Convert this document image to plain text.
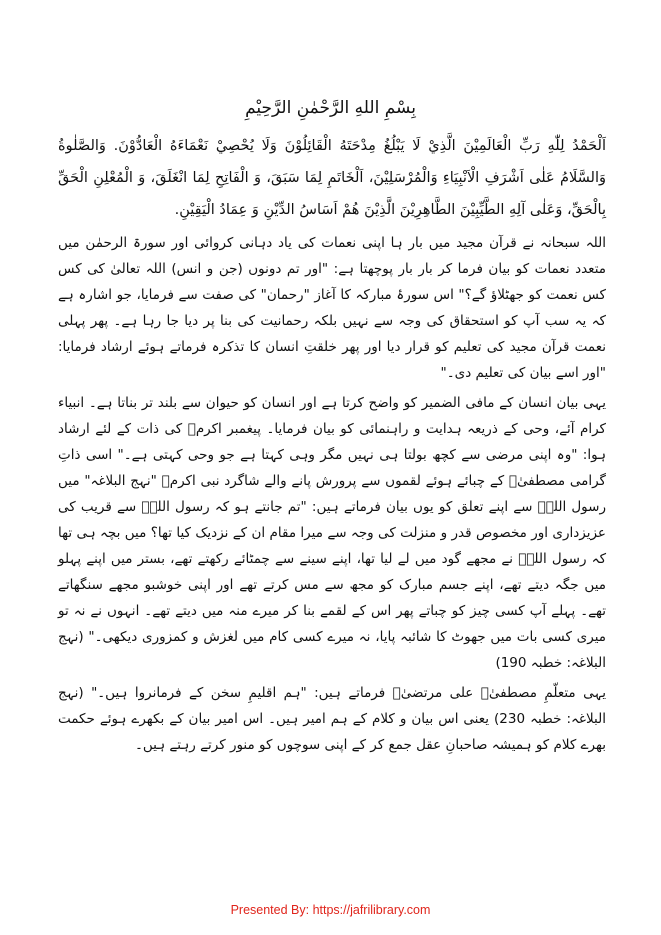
بِسْمِ اللهِ الرَّحْمٰنِ الرَّحِيْمِ
اَلْحَمْدُ لِلّٰهِ رَبِّ الْعَالَمِيْنَ الَّذِيْ لَا يَبْلُغُ مِدْحَتَهُ الْقَائِلُوْنَ وَلَا يُحْصِيْ نَعْمَاءَهُ الْعَادُّوْنَ. وَالصَّلٰوةُ وَالسَّلَامُ عَلٰى اَشْرَفِ الْاَنْبِيَاءِ وَالْمُرْسَلِيْنَ، اَلْخَاتَمِ لِمَا سَبَقَ، وَ الْفَاتِحِ لِمَا انْغَلَقَ، وَ الْمُعْلِنِ الْحَقِّ بِالْحَقِّ، وَعَلٰى آلِهِ الطَّيِّبِيْنَ الطَّاهِرِيْنَ الَّذِيْنَ هُمْ اَسَاسُ الدِّيْنِ وَ عِمَادُ الْيَقِيْنِ.

اللہ سبحانہ نے قرآن مجید میں بار ہا اپنی نعمات کی یاد دہانی کروائی اور سورۃ الرحمٰن میں متعدد نعمات کو بیان فرما کر بار بار پوچھتا ہے: "اور تم دونوں (جن و انس) اللہ تعالیٰ کی کس کس نعمت کو جھٹلاؤ گے؟" اس سورۂ مبارکہ کا آغاز "رحمان" کی صفت سے فرمایا، جو اشارہ ہے کہ یہ سب آپ کو استحقاق کی وجہ سے نہیں بلکہ رحمانیت کی بنا پر دیا جا رہا ہے۔ پھر پہلی نعمت قرآن مجید کی تعلیم کو قرار دیا اور پھر خلقتِ انسان کا تذکرہ فرماتے ہوئے ارشاد فرمایا: "اور اسے بیان کی تعلیم دی۔"

یہی بیان انسان کے مافی الضمیر کو واضح کرتا ہے اور انسان کو حیوان سے بلند تر بناتا ہے۔ انبیاء کرام آئے، وحی کے ذریعہ ہدایت و راہنمائی کو بیان فرمایا۔ پیغمبر اکرمؐ کی ذات کے لئے ارشاد ہوا: "وہ اپنی مرضی سے کچھ بولتا ہی نہیں مگر وہی کہتا ہے جو وحی کہتی ہے۔" اسی ذاتِ گرامی مصطفیٰؐ کے چبائے ہوئے لقموں سے پرورش پانے والے شاگرد نبی اکرمؐ "نہج البلاغہ" میں رسول اللہؐ سے اپنے تعلق کو یوں بیان فرماتے ہیں: "تم جانتے ہو کہ رسول اللہؐ سے قریب کی عزیزداری اور مخصوص قدر و منزلت کی وجہ سے میرا مقام ان کے نزدیک کیا تھا؟ میں بچہ ہی تھا کہ رسول اللہؐ نے مجھے گود میں لے لیا تھا، اپنے سینے سے چمٹائے رکھتے تھے، بستر میں اپنے پہلو میں جگہ دیتے تھے، اپنے جسم مبارک کو مجھ سے مس کرتے تھے اور اپنی خوشبو مجھے سنگھاتے تھے۔ پہلے آپ کسی چیز کو چباتے پھر اس کے لقمے بنا کر میرے منہ میں دیتے تھے۔ انہوں نے نہ تو میری کسی بات میں جھوٹ کا شائبہ پایا، نہ میرے کسی کام میں لغزش و کمزوری دیکھی۔" (نہج البلاغہ: خطبہ 190)

یہی متعلّمِ مصطفیٰؐ علی مرتضیٰؑ فرماتے ہیں: "ہم اقلیمِ سخن کے فرمانروا ہیں۔" (نہج البلاغہ: خطبہ 230) یعنی اس بیان و کلام کے ہم امیر ہیں۔ اس امیر بیان کے بکھرے ہوئے حکمت بھرے کلام کو ہمیشہ صاحبانِ عقل جمع کر کے اپنی سوچوں کو منور کرتے رہتے ہیں۔

Presented By: https://jafrilibrary.com
